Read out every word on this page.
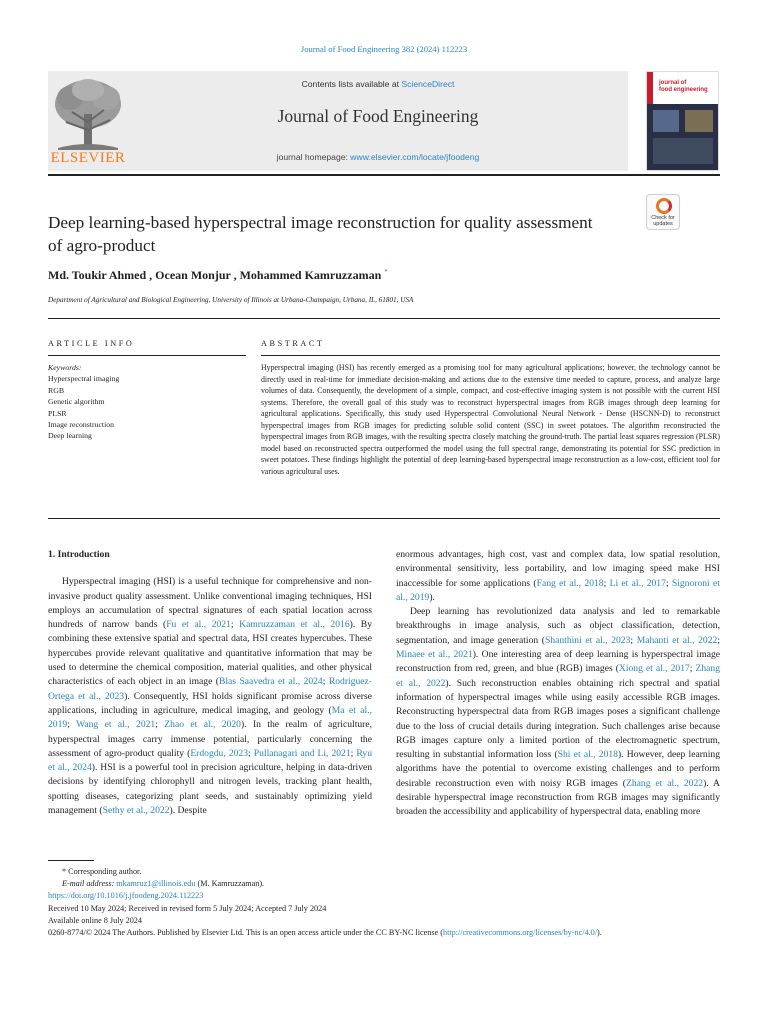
Journal of Food Engineering 382 (2024) 112223
ELSEVIER
Contents lists available at ScienceDirect
Journal of Food Engineering
journal homepage: www.elsevier.com/locate/jfoodeng
journal of
food engineering
Check for
updates
Deep learning-based hyperspectral image reconstruction for quality assessment of agro-product
Md. Toukir Ahmed , Ocean Monjur , Mohammed Kamruzzaman *
Department of Agricultural and Biological Engineering, University of Illinois at Urbana-Champaign, Urbana, IL, 61801, USA
ARTICLE INFO
Keywords:
Hyperspectral imaging
RGB
Genetic algorithm
PLSR
Image reconstruction
Deep learning
ABSTRACT
Hyperspectral imaging (HSI) has recently emerged as a promising tool for many agricultural applications; however, the technology cannot be directly used in real-time for immediate decision-making and actions due to the extensive time needed to capture, process, and analyze large volumes of data. Consequently, the development of a simple, compact, and cost-effective imaging system is not possible with the current HSI systems. Therefore, the overall goal of this study was to reconstruct hyperspectral images from RGB images through deep learning for agricultural applications. Specifically, this study used Hyperspectral Convolutional Neural Network - Dense (HSCNN-D) to reconstruct hyperspectral images from RGB images for predicting soluble solid content (SSC) in sweet potatoes. The algorithm reconstructed the hyperspectral images from RGB images, with the resulting spectra closely matching the ground-truth. The partial least squares regression (PLSR) model based on reconstructed spectra outperformed the model using the full spectral range, demonstrating its potential for SSC prediction in sweet potatoes. These findings highlight the potential of deep learning-based hyperspectral image reconstruction as a low-cost, efficient tool for various agricultural uses.
1. Introduction
Hyperspectral imaging (HSI) is a useful technique for comprehensive and non-invasive product quality assessment. Unlike conventional imaging techniques, HSI employs an accumulation of spectral signatures of each spatial location across hundreds of narrow bands (Fu et al., 2021; Kamruzzaman et al., 2016). By combining these extensive spatial and spectral data, HSI creates hypercubes. These hypercubes provide relevant qualitative and quantitative information that may be used to determine the chemical composition, material qualities, and other physical characteristics of each object in an image (Blas Saavedra et al., 2024; Rodriguez-Ortega et al., 2023). Consequently, HSI holds significant promise across diverse applications, including in agriculture, medical imaging, and geology (Ma et al., 2019; Wang et al., 2021; Zhao et al., 2020). In the realm of agriculture, hyperspectral images carry immense potential, particularly concerning the assessment of agro-product quality (Erdogdu, 2023; Pullanagari and Li, 2021; Ryu et al., 2024). HSI is a powerful tool in precision agriculture, helping in data-driven decisions by identifying chlorophyll and nitrogen levels, tracking plant health, spotting diseases, categorizing plant seeds, and sustainably optimizing yield management (Sethy et al., 2022). Despite
enormous advantages, high cost, vast and complex data, low spatial resolution, environmental sensitivity, less portability, and low imaging speed make HSI inaccessible for some applications (Fang et al., 2018; Li et al., 2017; Signoroni et al., 2019).
Deep learning has revolutionized data analysis and led to remarkable breakthroughs in image analysis, such as object classification, detection, segmentation, and image generation (Shanthini et al., 2023; Mahanti et al., 2022; Minaee et al., 2021). One interesting area of deep learning is hyperspectral image reconstruction from red, green, and blue (RGB) images (Xiong et al., 2017; Zhang et al., 2022). Such reconstruction enables obtaining rich spectral and spatial information of hyperspectral images while using easily accessible RGB images. Reconstructing hyperspectral data from RGB images poses a significant challenge due to the loss of crucial details during integration. Such challenges arise because RGB images capture only a limited portion of the electromagnetic spectrum, resulting in substantial information loss (Shi et al., 2018). However, deep learning algorithms have the potential to overcome existing challenges and to perform desirable reconstruction even with noisy RGB images (Zhang et al., 2022). A desirable hyperspectral image reconstruction from RGB images may significantly broaden the accessibility and applicability of hyperspectral data, enabling more
* Corresponding author.
E-mail address: mkamruz1@illinois.edu (M. Kamruzzaman).
https://doi.org/10.1016/j.jfoodeng.2024.112223
Received 10 May 2024; Received in revised form 5 July 2024; Accepted 7 July 2024
Available online 8 July 2024
0260-8774/© 2024 The Authors. Published by Elsevier Ltd. This is an open access article under the CC BY-NC license (http://creativecommons.org/licenses/by-nc/4.0/).
